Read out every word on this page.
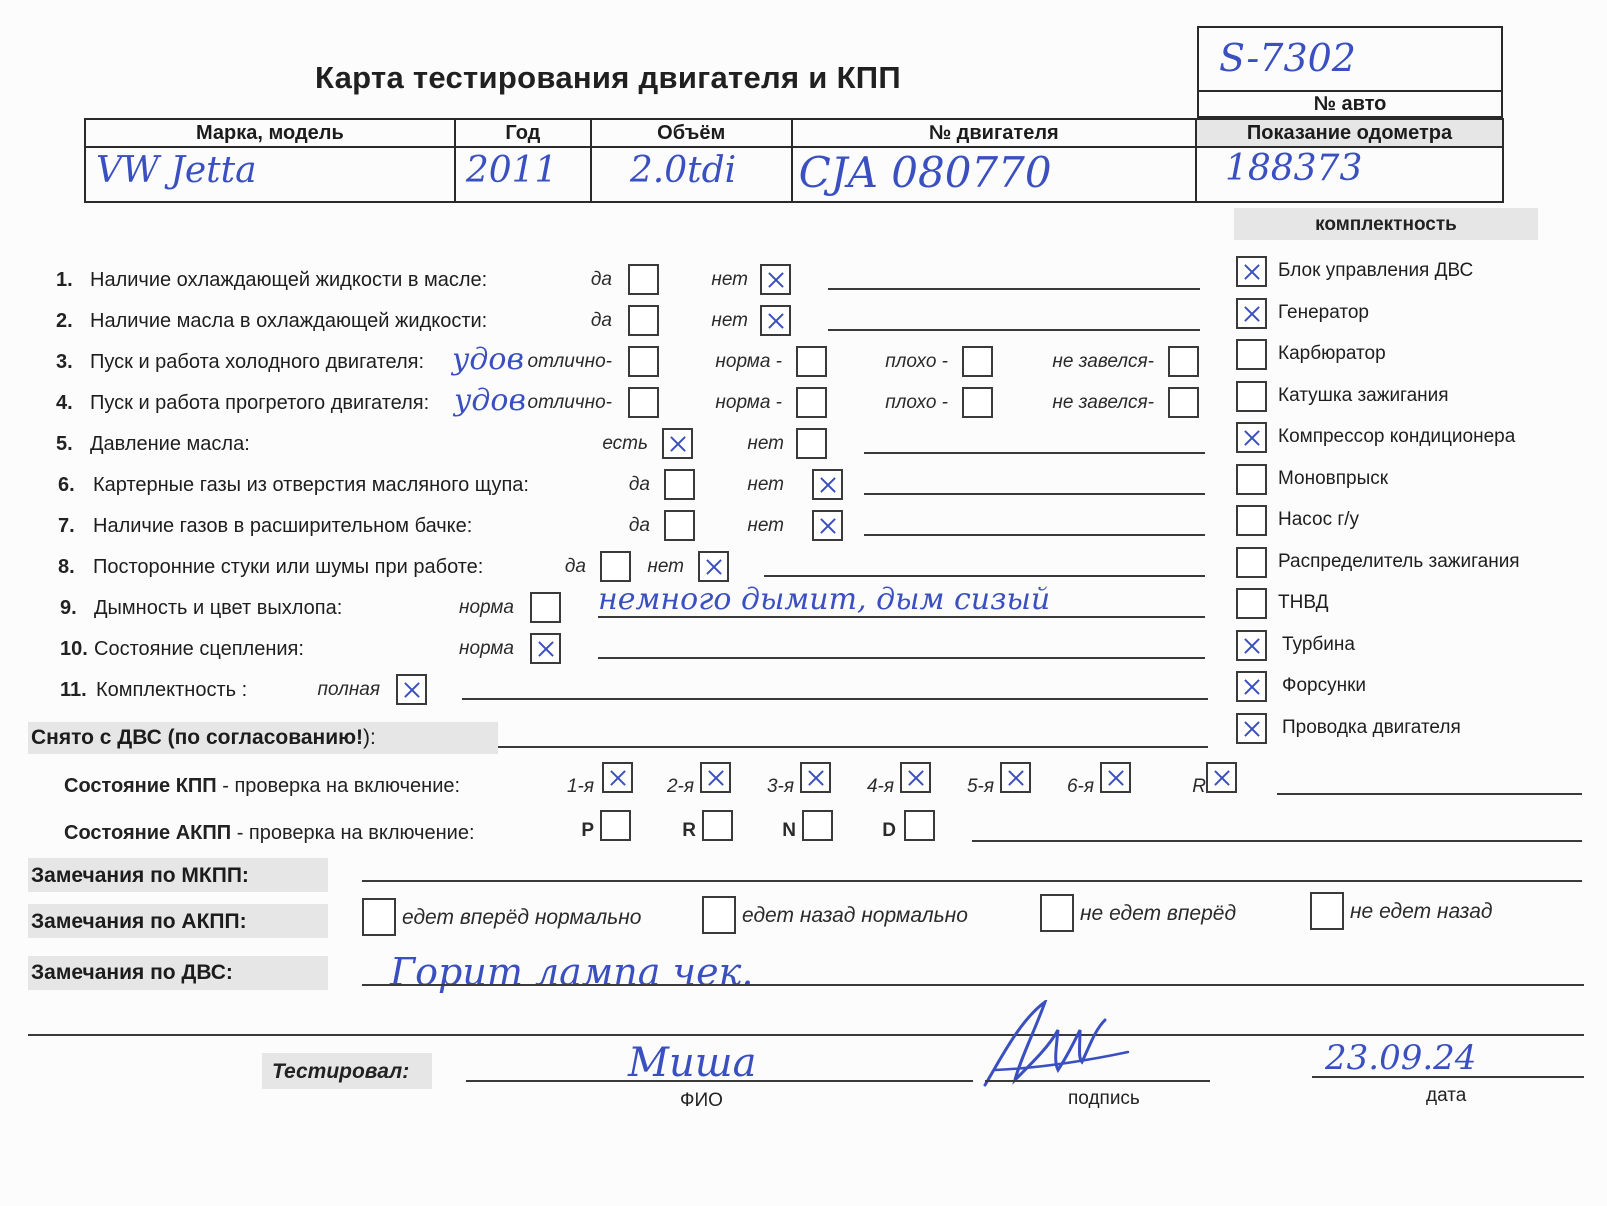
Карта тестирования двигателя и КПП	S-7302
№ авто
Марка, модель	Год	Объём	№ двигателя	Показание одометра

VW Jetta	2011	2.0tdi	CJA 080770	188373
комплектность
1. Наличие охлаждающей жидкости в масле:	да	нет
2. Наличие масла в охлаждающей жидкости:	да	нет
3. Пуск и работа холодного двигателя: удов отлично-	норма -	плохо -	не завелся-
4. Пуск и работа прогретого двигателя: удов отлично-	норма -	плохо -	не завелся-
5. Давление масла:	есть	нет
6. Картерные газы из отверстия масляного щупа:	да	нет
7. Наличие газов в расширительном бачке:	да	нет
8. Посторонние стуки или шумы при работе:	да	нет
9. Дымность и цвет выхлопа:	норма	немного дымит, дым сизый
10. Состояние сцепления:	норма
11. Комплектность :	полная
Блок управления ДВС
Генератор
Карбюратор
Катушка зажигания
Компрессор кондиционера
Моновпрыск
Насос г/у
Распределитель зажигания
ТНВД
Турбина
Форсунки
Проводка двигателя
Снято с ДВС (по согласованию!):
Состояние КПП - проверка на включение:	1-я	2-я	3-я	4-я	5-я	6-я	R
Состояние АКПП - проверка на включение:	P	R	N	D
Замечания по МКПП:
Замечания по АКПП:	едет вперёд нормально	едет назад нормально	не едет вперёд	не едет назад
Замечания по ДВС:	Горит лампа чек.
Тестировал:	Миша
ФИО	подпись
23.09.24
дата
